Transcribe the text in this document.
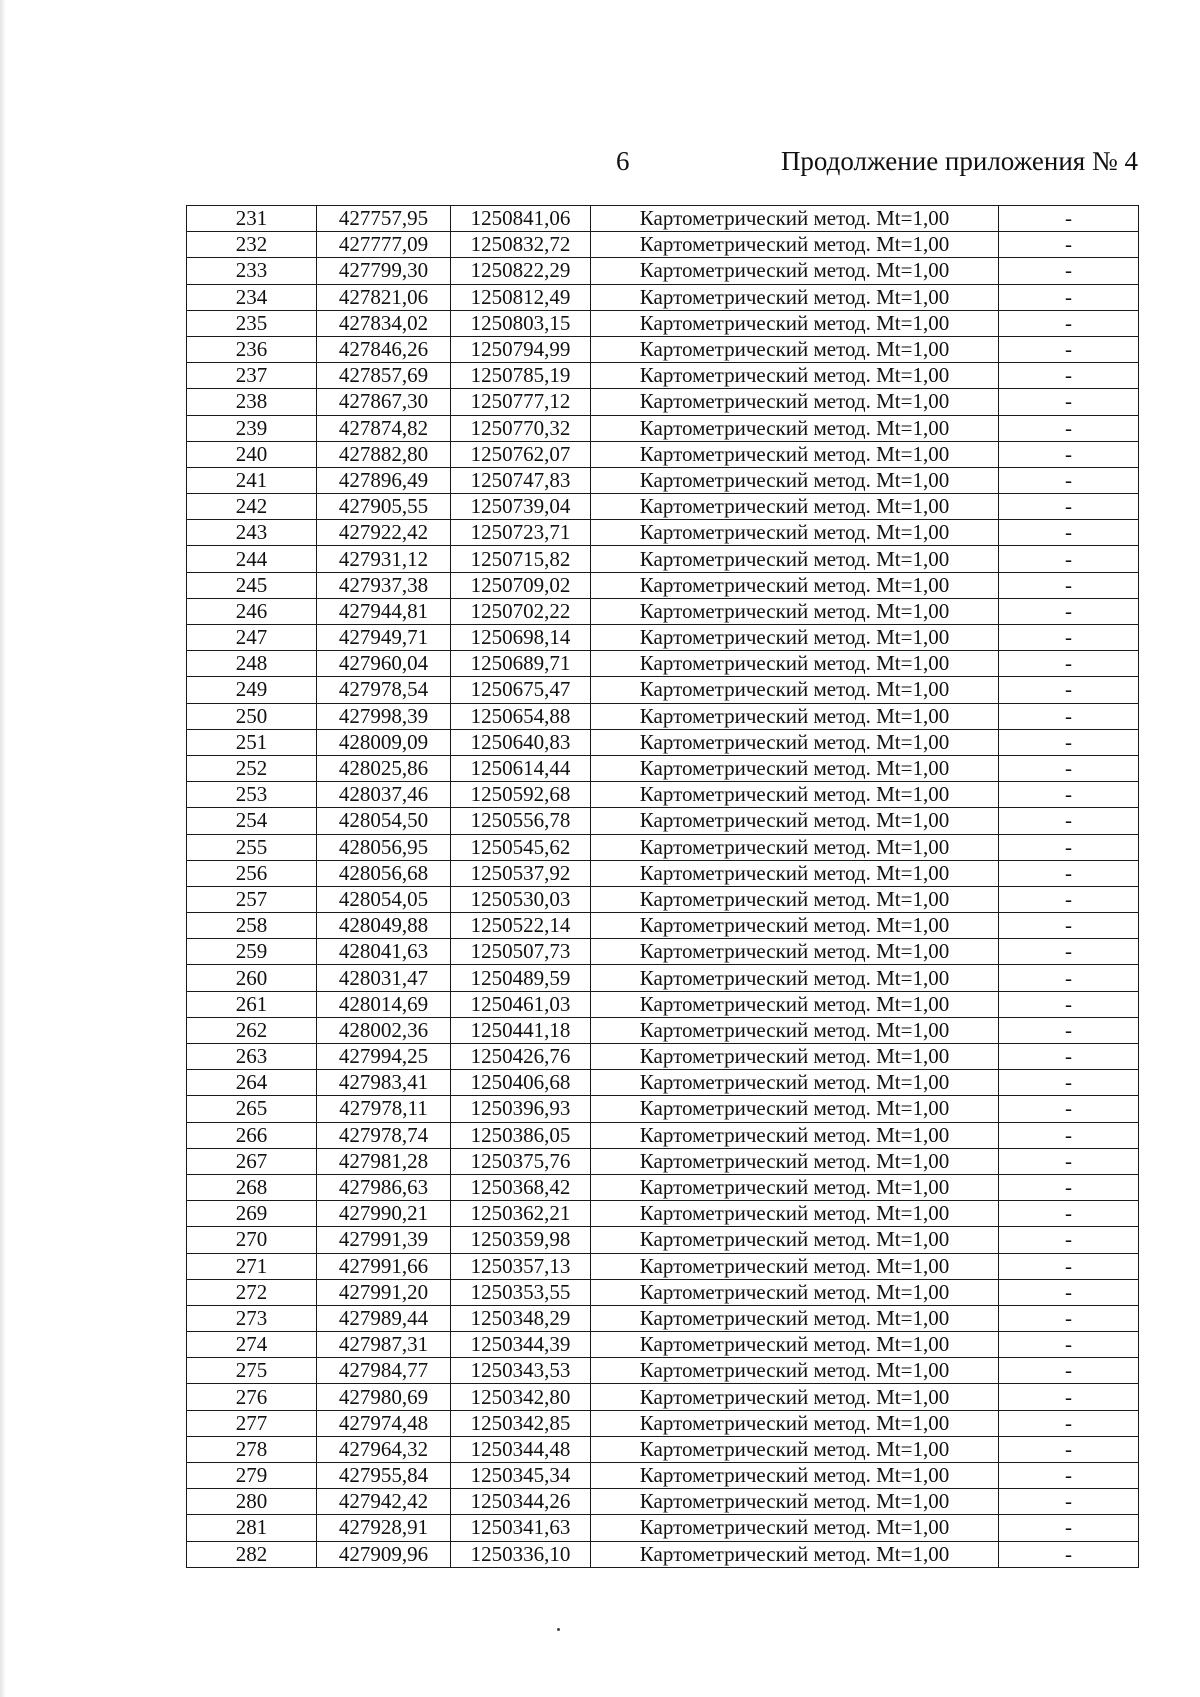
6	Продолжение приложения № 4
231	427757,95	1250841,06	Картометрический метод. Mt=1,00	-
232	427777,09	1250832,72	Картометрический метод. Mt=1,00	-
233	427799,30	1250822,29	Картометрический метод. Mt=1,00	-
234	427821,06	1250812,49	Картометрический метод. Mt=1,00	-
235	427834,02	1250803,15	Картометрический метод. Mt=1,00	-
236	427846,26	1250794,99	Картометрический метод. Mt=1,00	-
237	427857,69	1250785,19	Картометрический метод. Mt=1,00	-
238	427867,30	1250777,12	Картометрический метод. Mt=1,00	-
239	427874,82	1250770,32	Картометрический метод. Mt=1,00	-
240	427882,80	1250762,07	Картометрический метод. Mt=1,00	-
241	427896,49	1250747,83	Картометрический метод. Mt=1,00	-
242	427905,55	1250739,04	Картометрический метод. Mt=1,00	-
243	427922,42	1250723,71	Картометрический метод. Mt=1,00	-
244	427931,12	1250715,82	Картометрический метод. Mt=1,00	-
245	427937,38	1250709,02	Картометрический метод. Mt=1,00	-
246	427944,81	1250702,22	Картометрический метод. Mt=1,00	-
247	427949,71	1250698,14	Картометрический метод. Mt=1,00	-
248	427960,04	1250689,71	Картометрический метод. Mt=1,00	-
249	427978,54	1250675,47	Картометрический метод. Mt=1,00	-
250	427998,39	1250654,88	Картометрический метод. Mt=1,00	-
251	428009,09	1250640,83	Картометрический метод. Mt=1,00	-
252	428025,86	1250614,44	Картометрический метод. Mt=1,00	-
253	428037,46	1250592,68	Картометрический метод. Mt=1,00	-
254	428054,50	1250556,78	Картометрический метод. Mt=1,00	-
255	428056,95	1250545,62	Картометрический метод. Mt=1,00	-
256	428056,68	1250537,92	Картометрический метод. Mt=1,00	-
257	428054,05	1250530,03	Картометрический метод. Mt=1,00	-
258	428049,88	1250522,14	Картометрический метод. Mt=1,00	-
259	428041,63	1250507,73	Картометрический метод. Mt=1,00	-
260	428031,47	1250489,59	Картометрический метод. Mt=1,00	-
261	428014,69	1250461,03	Картометрический метод. Mt=1,00	-
262	428002,36	1250441,18	Картометрический метод. Mt=1,00	-
263	427994,25	1250426,76	Картометрический метод. Mt=1,00	-
264	427983,41	1250406,68	Картометрический метод. Mt=1,00	-
265	427978,11	1250396,93	Картометрический метод. Mt=1,00	-
266	427978,74	1250386,05	Картометрический метод. Mt=1,00	-
267	427981,28	1250375,76	Картометрический метод. Mt=1,00	-
268	427986,63	1250368,42	Картометрический метод. Mt=1,00	-
269	427990,21	1250362,21	Картометрический метод. Mt=1,00	-
270	427991,39	1250359,98	Картометрический метод. Mt=1,00	-
271	427991,66	1250357,13	Картометрический метод. Mt=1,00	-
272	427991,20	1250353,55	Картометрический метод. Mt=1,00	-
273	427989,44	1250348,29	Картометрический метод. Mt=1,00	-
274	427987,31	1250344,39	Картометрический метод. Mt=1,00	-
275	427984,77	1250343,53	Картометрический метод. Mt=1,00	-
276	427980,69	1250342,80	Картометрический метод. Mt=1,00	-
277	427974,48	1250342,85	Картометрический метод. Mt=1,00	-
278	427964,32	1250344,48	Картометрический метод. Mt=1,00	-
279	427955,84	1250345,34	Картометрический метод. Mt=1,00	-
280	427942,42	1250344,26	Картометрический метод. Mt=1,00	-
281	427928,91	1250341,63	Картометрический метод. Mt=1,00	-
282	427909,96	1250336,10	Картометрический метод. Mt=1,00	-
